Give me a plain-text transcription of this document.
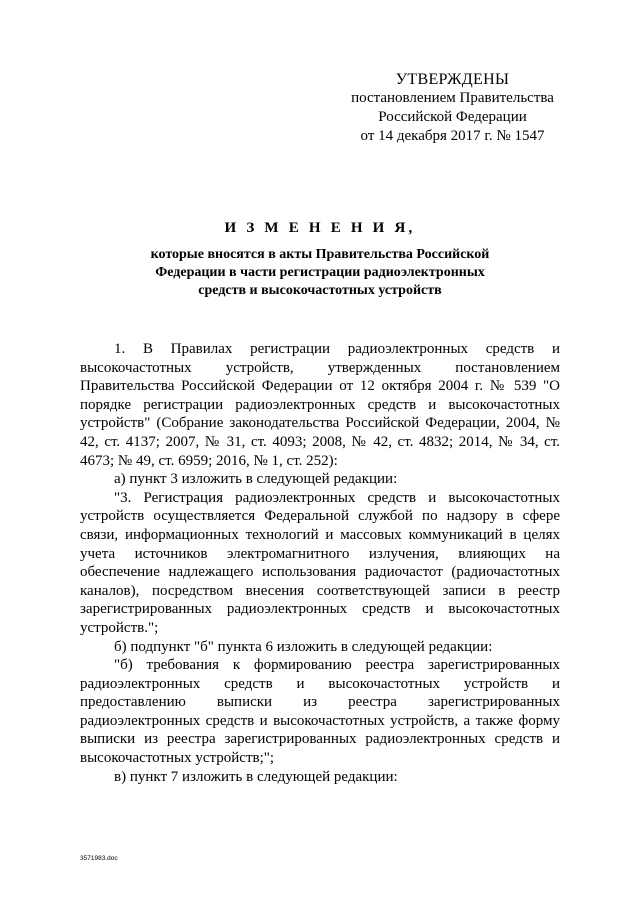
УТВЕРЖДЕНЫ
постановлением Правительства
Российской Федерации
от 14 декабря 2017 г. № 1547
И З М Е Н Е Н И Я,
которые вносятся в акты Правительства Российской
Федерации в части регистрации радиоэлектронных
средств и высокочастотных устройств

1. В Правилах регистрации радиоэлектронных средств и высокочастотных устройств, утвержденных постановлением Правительства Российской Федерации от 12 октября 2004 г. № 539 "О порядке регистрации радиоэлектронных средств и высокочастотных устройств" (Собрание законодательства Российской Федерации, 2004, № 42, ст. 4137; 2007, № 31, ст. 4093; 2008, № 42, ст. 4832; 2014, № 34, ст. 4673; № 49, ст. 6959; 2016, № 1, ст. 252):

а) пункт 3 изложить в следующей редакции:

"3. Регистрация радиоэлектронных средств и высокочастотных устройств осуществляется Федеральной службой по надзору в сфере связи, информационных технологий и массовых коммуникаций в целях учета источников электромагнитного излучения, влияющих на обеспечение надлежащего использования радиочастот (радиочастотных каналов), посредством внесения соответствующей записи в реестр зарегистрированных радиоэлектронных средств и высокочастотных устройств.";

б) подпункт "б" пункта 6 изложить в следующей редакции:

"б) требования к формированию реестра зарегистрированных радиоэлектронных средств и высокочастотных устройств и предоставлению выписки из реестра зарегистрированных радиоэлектронных средств и высокочастотных устройств, а также форму выписки из реестра зарегистрированных радиоэлектронных средств и высокочастотных устройств;";

в) пункт 7 изложить в следующей редакции:

3571983.doc
